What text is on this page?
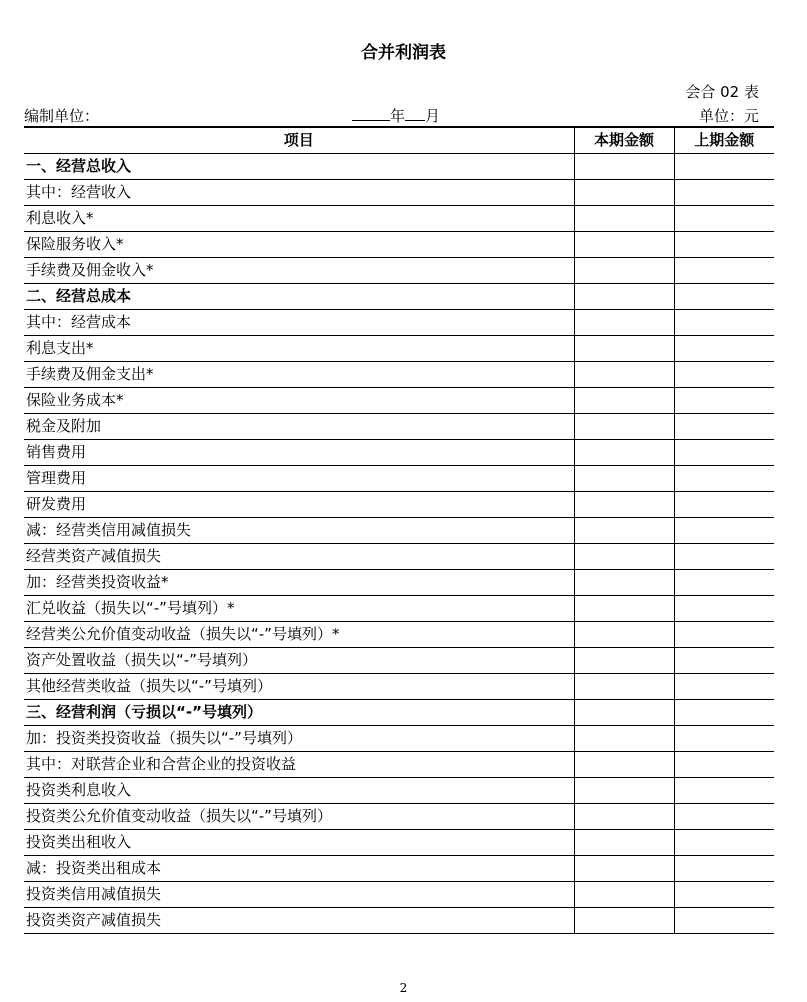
合并利润表
会合 02 表
编制单位：	年 月	单位：元
项目	本期金额	上期金额
一、经营总收入		
其中：经营收入		
利息收入*		
保险服务收入*		
手续费及佣金收入*		
二、经营总成本		
其中：经营成本		
利息支出*		
手续费及佣金支出*		
保险业务成本*		
税金及附加		
销售费用		
管理费用		
研发费用		
减：经营类信用减值损失		
经营类资产减值损失		
加：经营类投资收益*		
汇兑收益（损失以“-”号填列）*		
经营类公允价值变动收益（损失以“-”号填列）*		
资产处置收益（损失以“-”号填列）		
其他经营类收益（损失以“-”号填列）		
三、经营利润（亏损以“-”号填列）		
加：投资类投资收益（损失以“-”号填列）		
其中：对联营企业和合营企业的投资收益		
投资类利息收入		
投资类公允价值变动收益（损失以“-”号填列）		
投资类出租收入		
减：投资类出租成本		
投资类信用减值损失		
投资类资产减值损失		
2
